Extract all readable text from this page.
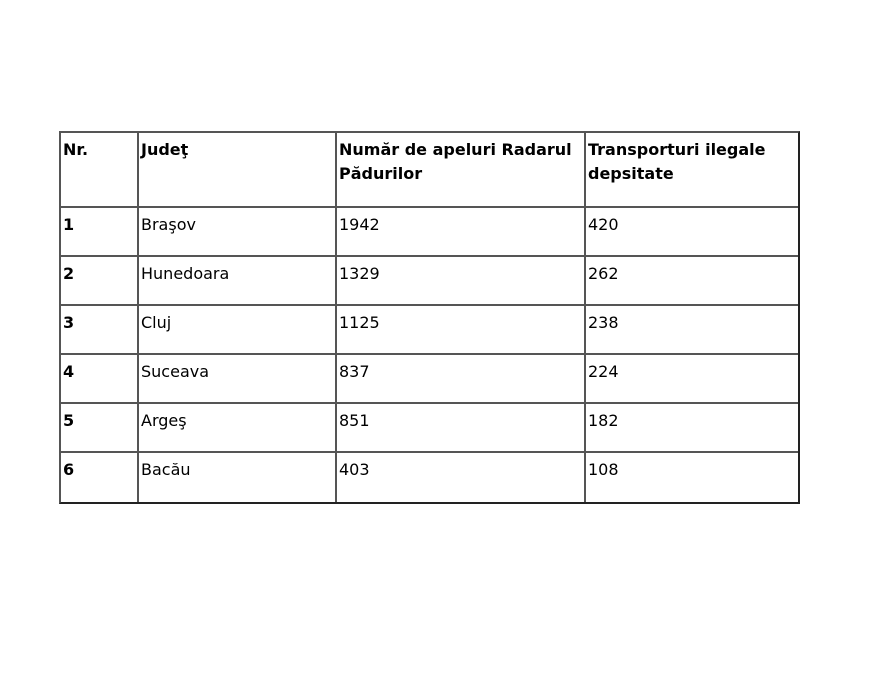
Nr.	Judeţ	Număr de apeluri Radarul Pădurilor	Transporturi ilegale depsitate
1	Braşov	1942	420
2	Hunedoara	1329	262
3	Cluj	1125	238
4	Suceava	837	224
5	Argeş	851	182
6	Bacău	403	108
